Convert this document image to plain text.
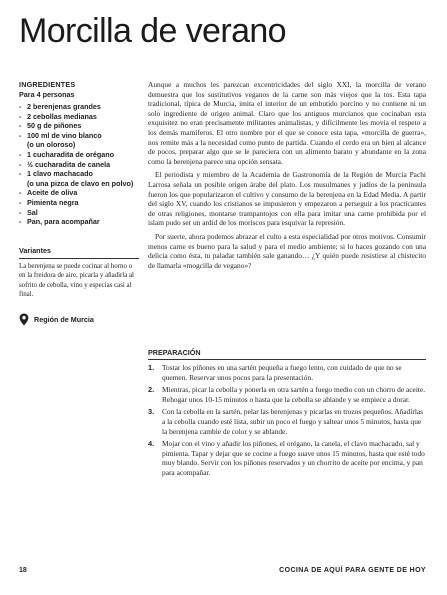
Morcilla de verano
INGREDIENTES
Para 4 personas
- 2 berenjenas grandes
- 2 cebollas medianas
- 50 g de piñones
- 100 ml de vino blanco
(o un oloroso)
- 1 cucharadita de orégano
- ½ cucharadita de canela
- 1 clavo machacado
(o una pizca de clavo en polvo)
- Aceite de oliva
- Pimienta negra
- Sal
- Pan, para acompañar
Variantes

La berenjena se puede cocinar al horno o en la freidora de aire, picarla y añadirla al sofrito de cebolla, vino y especias casi al final.

Región de Murcia

Aunque a muchos les parezcan excentricidades del siglo XXI, la morcilla de verano demuestra que los sustitutivos veganos de la carne son más viejos que la tos. Esta tapa tradicional, típica de Murcia, imita el interior de un embutido porcino y no contiene ni un solo ingrediente de origen animal. Claro que los antiguos murcianos que cocinaban esta exquisitez no eran precisamente militantes animalistas, y difícilmente les movía el respeto a los demás mamíferos. El otro nombre por el que se conoce esta tapa, «morcilla de guerra», nos remite más a la necesidad como punto de partida. Cuando el cerdo era un bien al alcance de pocos, preparar algo que se le pareciera con un alimento barato y abundante en la zona como la berenjena parece una opción sensata.

El periodista y miembro de la Academia de Gastronomía de la Región de Murcia Pachi Larrosa señala un posible origen árabe del plato. Los musulmanes y judíos de la península fueron los que popularizaron el cultivo y consumo de la berenjena en la Edad Media. A partir del siglo XV, cuando los cristianos se impusieron y empezaron a perseguir a los practicantes de otras religiones, montarse trampantojos con ella para imitar una carne prohibida por el islam pudo ser un ardid de los moriscos para esquivar la represión.

Por suerte, ahora podemos abrazar el culto a esta especialidad por otros motivos. Consumir menos carne es bueno para la salud y para el medio ambiente; si lo haces gozando con una delicia como ésta, tu paladar también sale ganando… ¿Y quién puede resistirse al chistecito de llamarla «mogcilla de vegano»?

PREPARACIÓN
1.	Tostar los piñones en una sartén pequeña a fuego lento, con cuidado de que no se quemen. Reservar unos pocos para la presentación.
2.	Mientras, picar la cebolla y ponerla en otra sartén a fuego medio con un chorro de aceite. Rehogar unos 10-15 minutos o hasta que la cebolla se ablande y se empiece a dorar.
3.	Con la cebolla en la sartén, pelar las berenjenas y picarlas en trozos pequeños. Añadirlas a la cebolla cuando esté lista, subir un poco el fuego y saltear unos 5 minutos, hasta que la berenjena cambie de color y se ablande.
4.	Mojar con el vino y añadir los piñones, el orégano, la canela, el clavo machacado, sal y pimienta. Tapar y dejar que se cocine a fuego suave unos 15 minutos, hasta que esté todo muy blando. Servir con los piñones reservados y un chorrito de aceite por encima, y pan para acompañar.
18	COCINA DE AQUÍ PARA GENTE DE HOY
